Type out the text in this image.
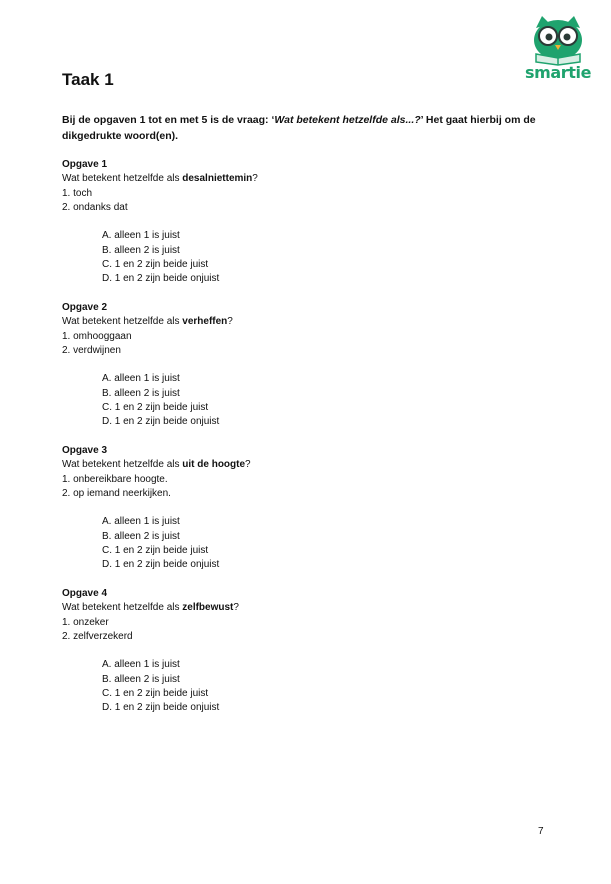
smartie
Taak 1
Bij de opgaven 1 tot en met 5 is de vraag: ‘Wat betekent hetzelfde als...?’ Het gaat hierbij om de dikgedrukte woord(en).
Opgave 1
Wat betekent hetzelfde als desalniettemin?
1. toch
2. ondanks dat
A. alleen 1 is juist
B. alleen 2 is juist
C. 1 en 2 zijn beide juist
D. 1 en 2 zijn beide onjuist
Opgave 2
Wat betekent hetzelfde als verheffen?
1. omhooggaan
2. verdwijnen
A. alleen 1 is juist
B. alleen 2 is juist
C. 1 en 2 zijn beide juist
D. 1 en 2 zijn beide onjuist
Opgave 3
Wat betekent hetzelfde als uit de hoogte?
1. onbereikbare hoogte.
2. op iemand neerkijken.
A. alleen 1 is juist
B. alleen 2 is juist
C. 1 en 2 zijn beide juist
D. 1 en 2 zijn beide onjuist
Opgave 4
Wat betekent hetzelfde als zelfbewust?
1. onzeker
2. zelfverzekerd
A. alleen 1 is juist
B. alleen 2 is juist
C. 1 en 2 zijn beide juist
D. 1 en 2 zijn beide onjuist
7
